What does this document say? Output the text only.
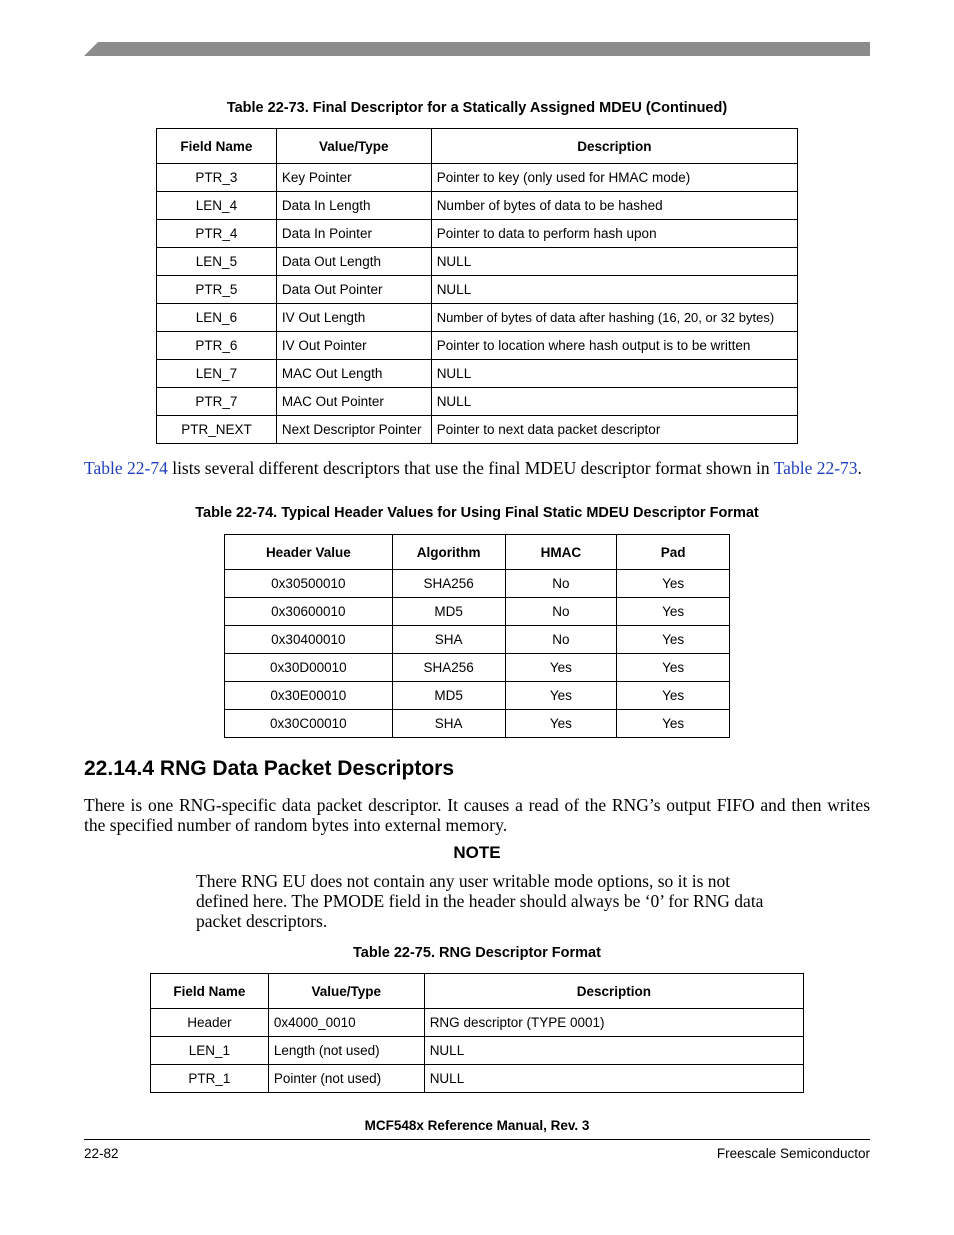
Table 22-73. Final Descriptor for a Statically Assigned MDEU (Continued)
Field Name	Value/Type	Description
PTR_3	Key Pointer	Pointer to key (only used for HMAC mode)
LEN_4	Data In Length	Number of bytes of data to be hashed
PTR_4	Data In Pointer	Pointer to data to perform hash upon
LEN_5	Data Out Length	NULL
PTR_5	Data Out Pointer	NULL
LEN_6	IV Out Length	Number of bytes of data after hashing (16, 20, or 32 bytes)
PTR_6	IV Out Pointer	Pointer to location where hash output is to be written
LEN_7	MAC Out Length	NULL
PTR_7	MAC Out Pointer	NULL
PTR_NEXT	Next Descriptor Pointer	Pointer to next data packet descriptor
Table 22-74 lists several different descriptors that use the final MDEU descriptor format shown in Table 22-73.
Table 22-74. Typical Header Values for Using Final Static MDEU Descriptor Format
Header Value	Algorithm	HMAC	Pad
0x30500010	SHA256	No	Yes
0x30600010	MD5	No	Yes
0x30400010	SHA	No	Yes
0x30D00010	SHA256	Yes	Yes
0x30E00010	MD5	Yes	Yes
0x30C00010	SHA	Yes	Yes
22.14.4 RNG Data Packet Descriptors
There is one RNG-specific data packet descriptor. It causes a read of the RNG’s output FIFO and then writes the specified number of random bytes into external memory.
NOTE
There RNG EU does not contain any user writable mode options, so it is not defined here. The PMODE field in the header should always be ‘0’ for RNG data packet descriptors.
Table 22-75. RNG Descriptor Format
Field Name	Value/Type	Description
Header	0x4000_0010	RNG descriptor (TYPE 0001)
LEN_1	Length (not used)	NULL
PTR_1	Pointer (not used)	NULL
MCF548x Reference Manual, Rev. 3
22-82	Freescale Semiconductor
